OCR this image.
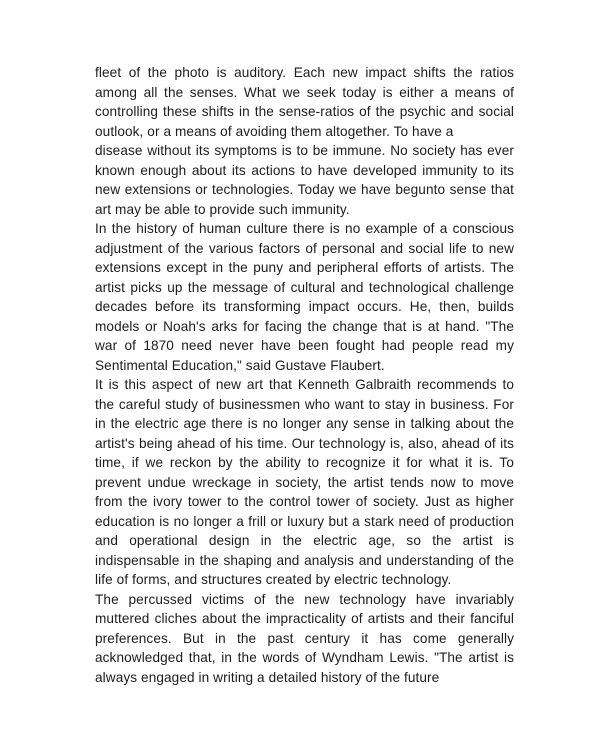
fleet of the photo is auditory. Each new impact shifts the ratios among all the senses. What we seek today is either a means of controlling these shifts in the sense-ratios of the psychic and social outlook, or a means of avoiding them altogether. To have a

disease without its symptoms is to be immune. No society has ever known enough about its actions to have developed immunity to its new extensions or technologies. Today we have begunto sense that art may be able to provide such immunity.

In the history of human culture there is no example of a conscious adjustment of the various factors of personal and social life to new extensions except in the puny and peripheral efforts of artists. The artist picks up the message of cultural and technological challenge decades before its transforming impact occurs. He, then, builds models or Noah's arks for facing the change that is at hand. "The war of 1870 need never have been fought had people read my Sentimental Education," said Gustave Flaubert.

It is this aspect of new art that Kenneth Galbraith recommends to the careful study of businessmen who want to stay in business. For in the electric age there is no longer any sense in talking about the artist's being ahead of his time. Our technology is, also, ahead of its time, if we reckon by the ability to recognize it for what it is. To prevent undue wreckage in society, the artist tends now to move from the ivory tower to the control tower of society. Just as higher education is no longer a frill or luxury but a stark need of production and operational design in the electric age, so the artist is indispensable in the shaping and analysis and understanding of the life of forms, and structures created by electric technology.

The percussed victims of the new technology have invariably muttered cliches about the impracticality of artists and their fanciful preferences. But in the past century it has come generally acknowledged that, in the words of Wyndham Lewis. "The artist is always engaged in writing a detailed history of the future
